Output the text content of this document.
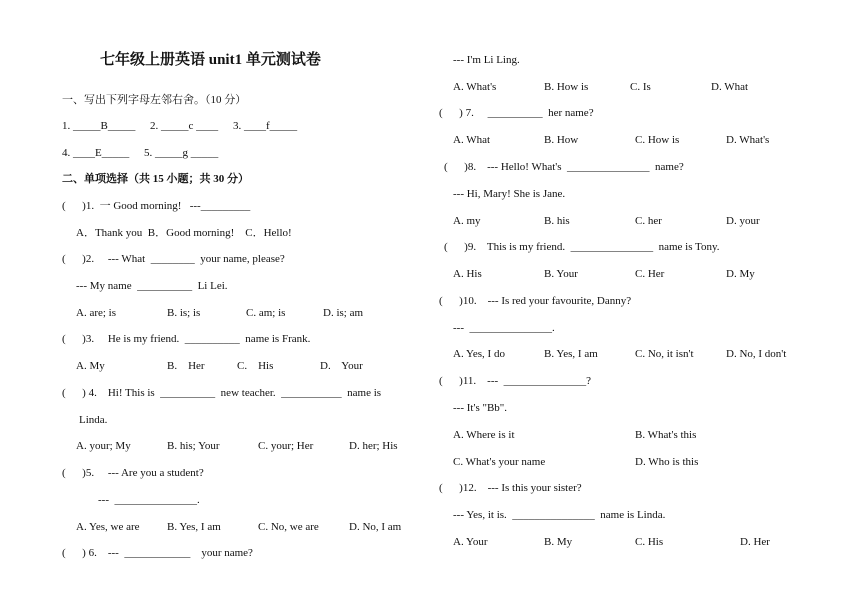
七年级上册英语 unit1 单元测试卷
一、写出下列字母左邻右舍。（10 分）
1. _____B_____ 2. _____c ____ 3. ____f_____
4. ____E_____ 5. _____g _____
二、单项选择（共 15 小题；共 30 分）
(      )1.  一 Good morning!   ---_________
A．Thank you  B．Good morning!    C．Hello!
(      )2.     --- What  ________  your name, please?
--- My name  __________  Li Lei.
A. are; is	B. is; is	C. am; is	D. is; am
(      )3.     He is my friend.  __________  name is Frank.
A. My	B.    Her	C.    His	D.    Your
(      ) 4.    Hi! This is  __________  new teacher.  ___________  name is
Linda.
A. your; My	B. his; Your	C. your; Her	D. her; His
(      )5.     --- Are you a student?
---  _______________.
A. Yes, we are B. Yes, I am	C. No, we are	D. No, I am
(      ) 6.    ---  ____________    your name?
--- I'm Li Ling.
A. What's	B. How is	C. Is	D. What
(      ) 7.     __________  her name?
A. What	B. How	C. How is	D. What's
(      )8.    --- Hello! What's  _______________  name?
--- Hi, Mary! She is Jane.
A. my	B. his	C. her	D. your
(      )9.    This is my friend.  _______________  name is Tony.
A. His	B. Your	C. Her	D. My
(      )10.    --- Is red your favourite, Danny?
---  _______________.
A. Yes, I do	B. Yes, I am	C. No, it isn't	D. No, I don't
(      )11.    ---  _______________?
--- It's "Bb".
A. Where is it	B. What's this
C. What's your name	D. Who is this
(      )12.    --- Is this your sister?
--- Yes, it is.  _______________  name is Linda.
A. Your	B. My	C. His	D. Her
